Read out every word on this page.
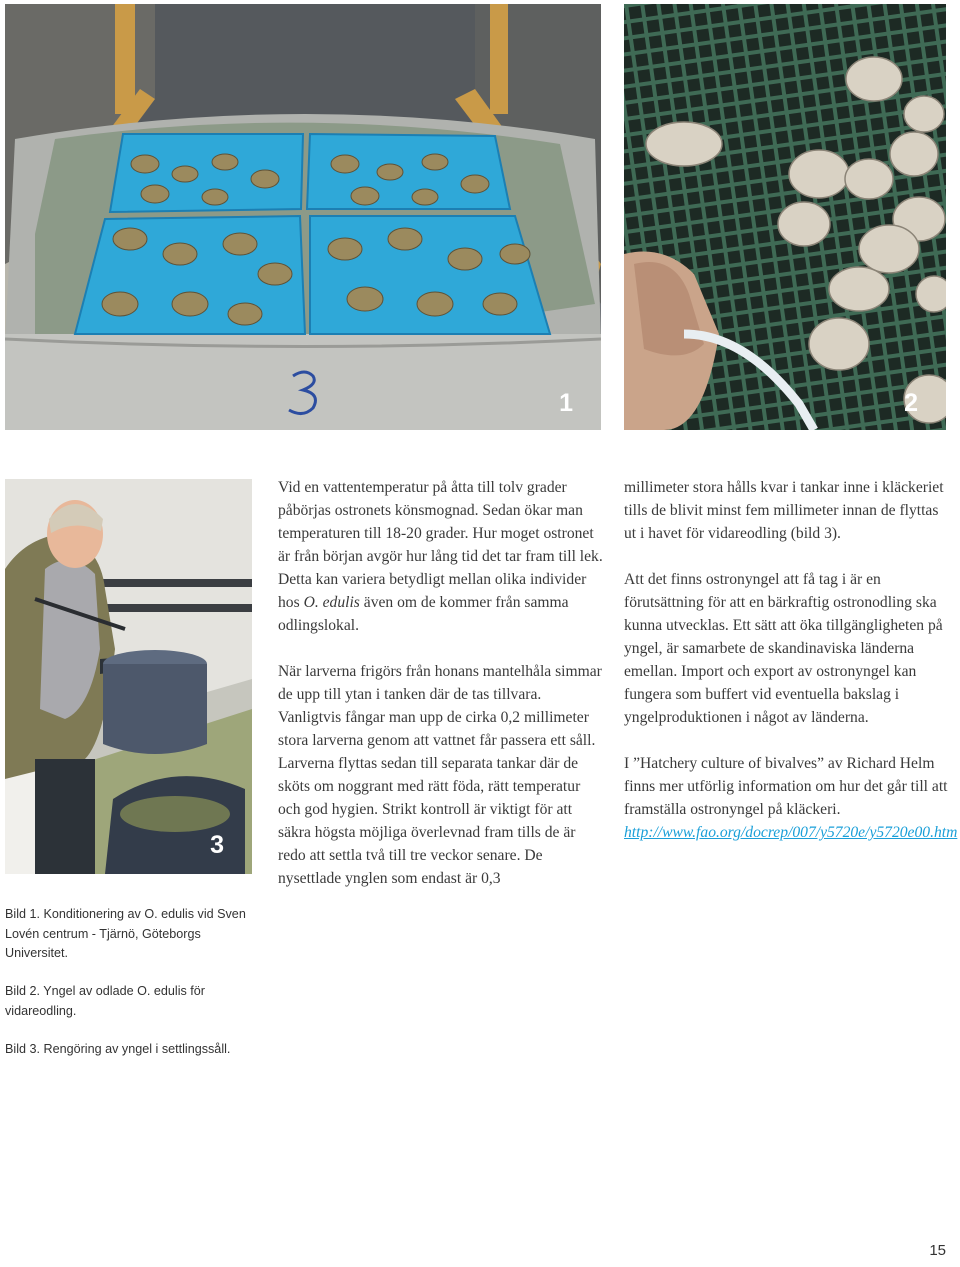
1	2
3

Vid en vattentemperatur på åtta till tolv grader påbörjas ostronets könsmognad. Sedan ökar man temperaturen till 18-20 grader. Hur moget ostronet är från början avgör hur lång tid det tar fram till lek. Detta kan variera betydligt mellan olika individer hos O. edulis även om de kommer från samma odlingslokal.

När larverna frigörs från honans mantelhåla simmar de upp till ytan i tanken där de tas tillvara. Vanligtvis fångar man upp de cirka 0,2 millimeter stora larverna genom att vattnet får passera ett såll. Larverna flyttas sedan till separata tankar där de sköts om noggrant med rätt föda, rätt temperatur och god hygien. Strikt kontroll är viktigt för att säkra högsta möjliga överlevnad fram tills de är redo att settla två till tre veckor senare. De nysettlade ynglen som endast är 0,3

millimeter stora hålls kvar i tankar inne i kläckeriet tills de blivit minst fem millimeter innan de flyttas ut i havet för vidareodling (bild 3).

Att det finns ostronyngel att få tag i är en förutsättning för att en bärkraftig ostronodling ska kunna utvecklas. Ett sätt att öka tillgängligheten på yngel, är samarbete de skandinaviska länderna emellan. Import och export av ostronyngel kan fungera som buffert vid eventuella bakslag i yngelproduktionen i något av länderna.

I ”Hatchery culture of bivalves” av Richard Helm finns mer utförlig information om hur det går till att framställa ostronyngel på kläckeri. http://www.fao.org/docrep/007/y5720e/y5720e00.htm

Bild 1. Konditionering av O. edulis vid Sven Lovén centrum - Tjärnö, Göteborgs Universitet.
Bild 2. Yngel av odlade O. edulis för vidareodling.
Bild 3. Rengöring av yngel i settlingssåll.
15
